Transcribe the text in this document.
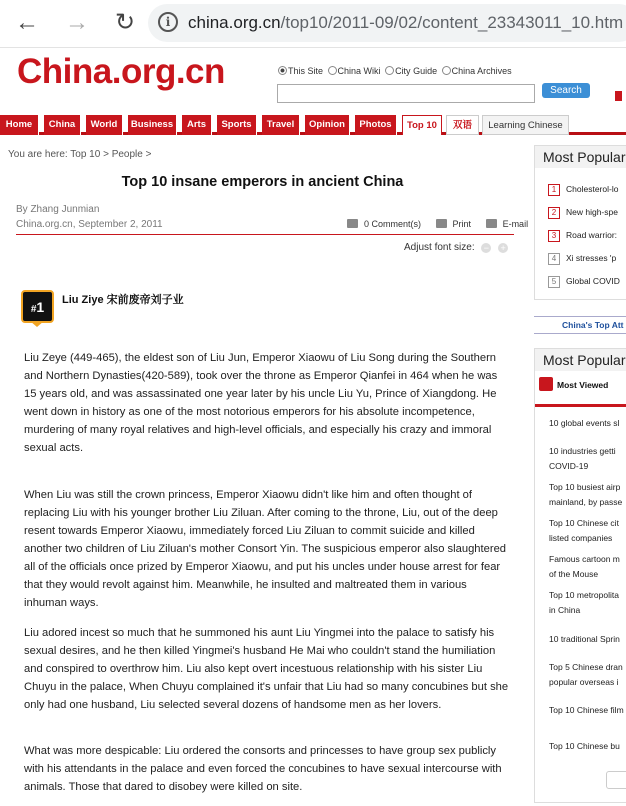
← → ↻	i	china.org.cn/top10/2011-09/02/content_23343011_10.htm
China.org.cn	This Site China Wiki City Guide China Archives
Search
Home	China	World	Business	Arts	Sports	Travel	Opinion	Photos	Top 10	双语	Learning Chinese
You are here: Top 10 > People >
Top 10 insane emperors in ancient China
By Zhang Junmian
China.org.cn, September 2, 2011	0 Comment(s)	Print	E-mail
Adjust font size: − +
#1	Liu Ziye 宋前废帝刘子业
Liu Zeye (449-465), the eldest son of Liu Jun, Emperor Xiaowu of Liu Song during the Southern and Northern Dynasties(420-589), took over the throne as Emperor Qianfei in 464 when he was 15 years old, and was assassinated one year later by his uncle Liu Yu, Prince of Xiangdong. He went down in history as one of the most notorious emperors for his absolute incompetence, murdering of many royal relatives and high-level officials, and especially his crazy and immoral sexual acts.
When Liu was still the crown princess, Emperor Xiaowu didn't like him and often thought of replacing Liu with his younger brother Liu Ziluan. After coming to the throne, Liu, out of the deep resent towards Emperor Xiaowu, immediately forced Liu Ziluan to commit suicide and killed another two children of Liu Ziluan's mother Consort Yin. The suspicious emperor also slaughtered all of the officials once prized by Emperor Xiaowu, and put his uncles under house arrest for fear that they would revolt against him. Meanwhile, he insulted and maltreated them in various inhuman ways.
Liu adored incest so much that he summoned his aunt Liu Yingmei into the palace to satisfy his sexual desires, and he then killed Yingmei's husband He Mai who couldn't stand the humiliation and conspired to overthrow him. Liu also kept overt incestuous relationship with his sister Liu Chuyu in the palace, When Chuyu complained it's unfair that Liu had so many concubines but she only had one husband, Liu selected several dozens of handsome men as her lovers.
What was more despicable: Liu ordered the consorts and princesses to have group sex publicly with his attendants in the palace and even forced the concubines to have sexual intercourse with animals. Those that dared to disobey were killed on site.
Most Popular
1 Cholesterol-lo
2 New high-spe
3 Road warrior:
4 Xi stresses 'p
5 Global COVID
China's Top Att
Most Popular
Most Viewed
10 global events sl
10 industries getti
COVID-19
Top 10 busiest airp
mainland, by passe
Top 10 Chinese cit
listed companies
Famous cartoon m
of the Mouse
Top 10 metropolita
in China
10 traditional Sprin
Top 5 Chinese dran
popular overseas i
Top 10 Chinese film
Top 10 Chinese bu
